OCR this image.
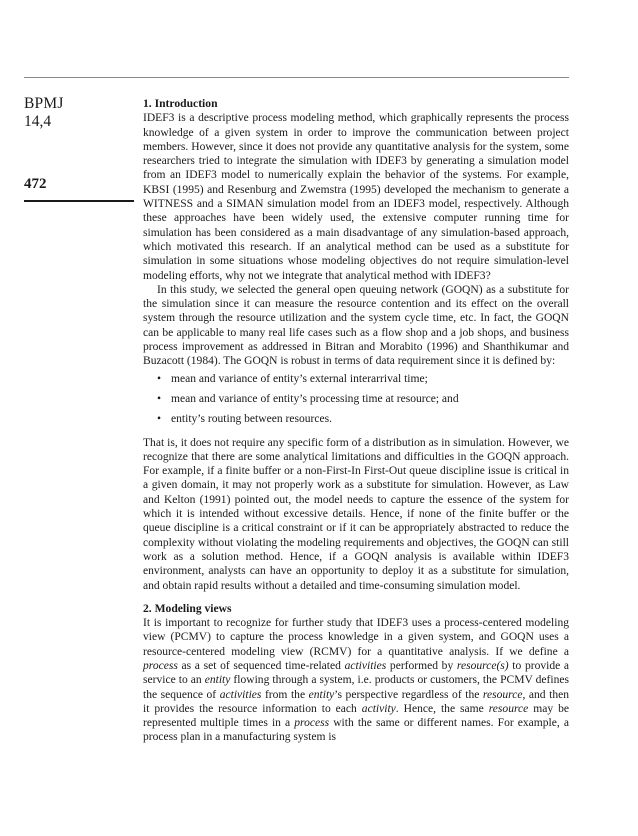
BPMJ
14,4
472
1. Introduction

IDEF3 is a descriptive process modeling method, which graphically represents the process knowledge of a given system in order to improve the communication between project members. However, since it does not provide any quantitative analysis for the system, some researchers tried to integrate the simulation with IDEF3 by generating a simulation model from an IDEF3 model to numerically explain the behavior of the systems. For example, KBSI (1995) and Resenburg and Zwemstra (1995) developed the mechanism to generate a WITNESS and a SIMAN simulation model from an IDEF3 model, respectively. Although these approaches have been widely used, the extensive computer running time for simulation has been considered as a main disadvantage of any simulation-based approach, which motivated this research. If an analytical method can be used as a substitute for simulation in some situations whose modeling objectives do not require simulation-level modeling efforts, why not we integrate that analytical method with IDEF3?

In this study, we selected the general open queuing network (GOQN) as a substitute for the simulation since it can measure the resource contention and its effect on the overall system through the resource utilization and the system cycle time, etc. In fact, the GOQN can be applicable to many real life cases such as a flow shop and a job shops, and business process improvement as addressed in Bitran and Morabito (1996) and Shanthikumar and Buzacott (1984). The GOQN is robust in terms of data requirement since it is defined by:

• mean and variance of entity’s external interarrival time;
• mean and variance of entity’s processing time at resource; and
• entity’s routing between resources.

That is, it does not require any specific form of a distribution as in simulation. However, we recognize that there are some analytical limitations and difficulties in the GOQN approach. For example, if a finite buffer or a non-First-In First-Out queue discipline issue is critical in a given domain, it may not properly work as a substitute for simulation. However, as Law and Kelton (1991) pointed out, the model needs to capture the essence of the system for which it is intended without excessive details. Hence, if none of the finite buffer or the queue discipline is a critical constraint or if it can be appropriately abstracted to reduce the complexity without violating the modeling requirements and objectives, the GOQN can still work as a solution method. Hence, if a GOQN analysis is available within IDEF3 environment, analysts can have an opportunity to deploy it as a substitute for simulation, and obtain rapid results without a detailed and time-consuming simulation model.

2. Modeling views

It is important to recognize for further study that IDEF3 uses a process-centered modeling view (PCMV) to capture the process knowledge in a given system, and GOQN uses a resource-centered modeling view (RCMV) for a quantitative analysis. If we define a process as a set of sequenced time-related activities performed by resource(s) to provide a service to an entity flowing through a system, i.e. products or customers, the PCMV defines the sequence of activities from the entity’s perspective regardless of the resource, and then it provides the resource information to each activity. Hence, the same resource may be represented multiple times in a process with the same or different names. For example, a process plan in a manufacturing system is
